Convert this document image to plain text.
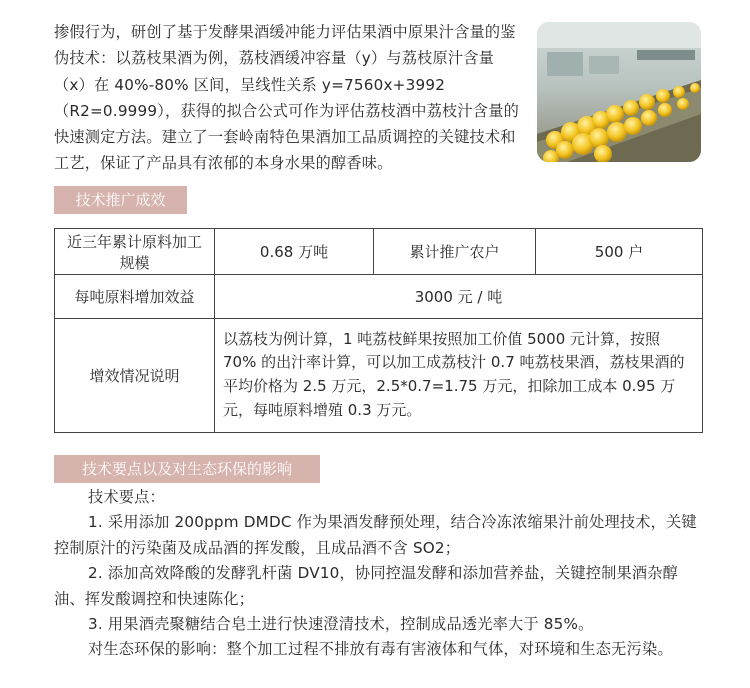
掺假行为，研创了基于发酵果酒缓冲能力评估果酒中原果汁含量的鉴伪技术：以荔枝果酒为例，荔枝酒缓冲容量（y）与荔枝原汁含量（x）在 40%-80% 区间，呈线性关系 y=7560x+3992（R2=0.9999），获得的拟合公式可作为评估荔枝酒中荔枝汁含量的快速测定方法。建立了一套岭南特色果酒加工品质调控的关键技术和工艺，保证了产品具有浓郁的本身水果的醇香味。

技术推广成效
近三年累计原料加工规模	0.68 万吨	累计推广农户	500 户
每吨原料增加效益	3000 元 / 吨		
增效情况说明	以荔枝为例计算，1 吨荔枝鲜果按照加工价值 5000 元计算，按照 70% 的出汁率计算，可以加工成荔枝汁 0.7 吨荔枝果酒，荔枝果酒的平均价格为 2.5 万元，2.5*0.7=1.75 万元，扣除加工成本 0.95 万元，每吨原料增殖 0.3 万元。		
技术要点以及对生态环保的影响

技术要点：

1. 采用添加 200ppm DMDC 作为果酒发酵预处理，结合冷冻浓缩果汁前处理技术，关键控制原汁的污染菌及成品酒的挥发酸，且成品酒不含 SO2；

2. 添加高效降酸的发酵乳杆菌 DV10，协同控温发酵和添加营养盐，关键控制果酒杂醇油、挥发酸调控和快速陈化；

3. 用果酒壳聚糖结合皂土进行快速澄清技术，控制成品透光率大于 85%。

对生态环保的影响：整个加工过程不排放有毒有害液体和气体，对环境和生态无污染。
